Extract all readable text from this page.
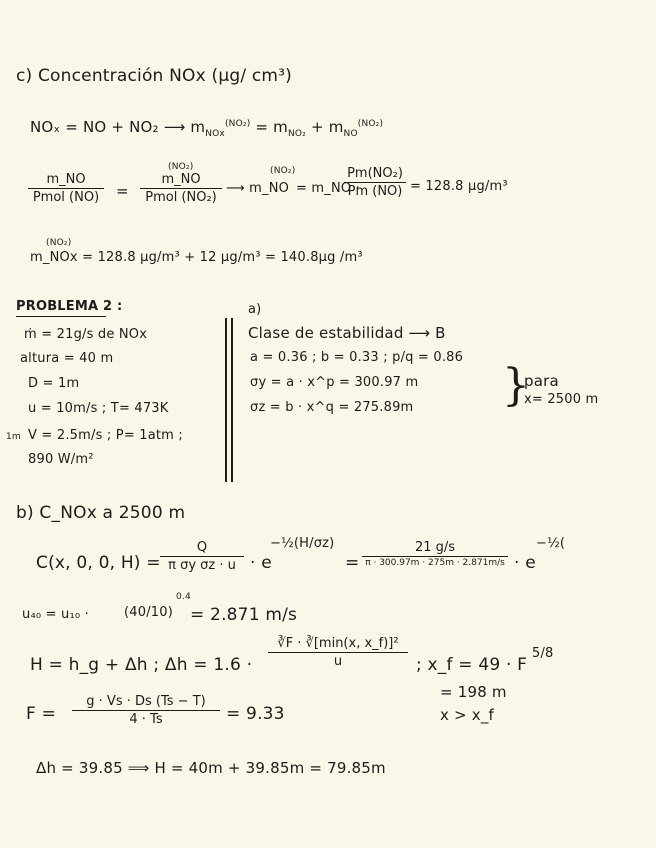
c) Concentración NOx (µg/ cm³)
NOₓ = NO + NO₂ ⟶ $m_{NOx}^{(NO_2)} = m_{NO_2} + m_{NO}^{(NO_2)}$
m_NO
Pmol (NO)	=
(NO₂)
m_NO
Pmol (NO₂)
(NO₂)
⟶ m_NO = m_NO ·
Pm(NO₂)
Pm (NO) = 128.8 µg/m³
(NO₂)
m_NOx = 128.8 µg/m³ + 12 µg/m³ = 140.8µg /m³
PROBLEMA 2 :
ṁ = 21g/s de NOx
altura = 40 m
D = 1m
u = 10m/s ; T= 473K
1m V = 2.5m/s ; P= 1atm ;
890 W/m²
a)
Clase de estabilidad ⟶ B
a = 0.36 ; b = 0.33 ; p/q = 0.86
σy = a · x^p = 300.97 m
σz = b · x^q = 275.89m }
para
x= 2500 m
b) C_NOx a 2500 m
C(x, 0, 0, H) =
Q
π σy σz · u · e
−½(H/σz)
=
21 g/s
π · 300.97m · 275m · 2.871m/s · e
−½(
u₄₀ = u₁₀ ·	(40/10)
0.4
= 2.871 m/s
H = h_g + Δh ; Δh = 1.6 ·
∛F · ∛[min(x, x_f)]²
u	; x_f = 49 · F
5/8
= 198 m
x > x_f
F =
g · Vs · Ds (Ts − T)
4 · Ts	= 9.33
Δh = 39.85 ⟹ H = 40m + 39.85m = 79.85m
